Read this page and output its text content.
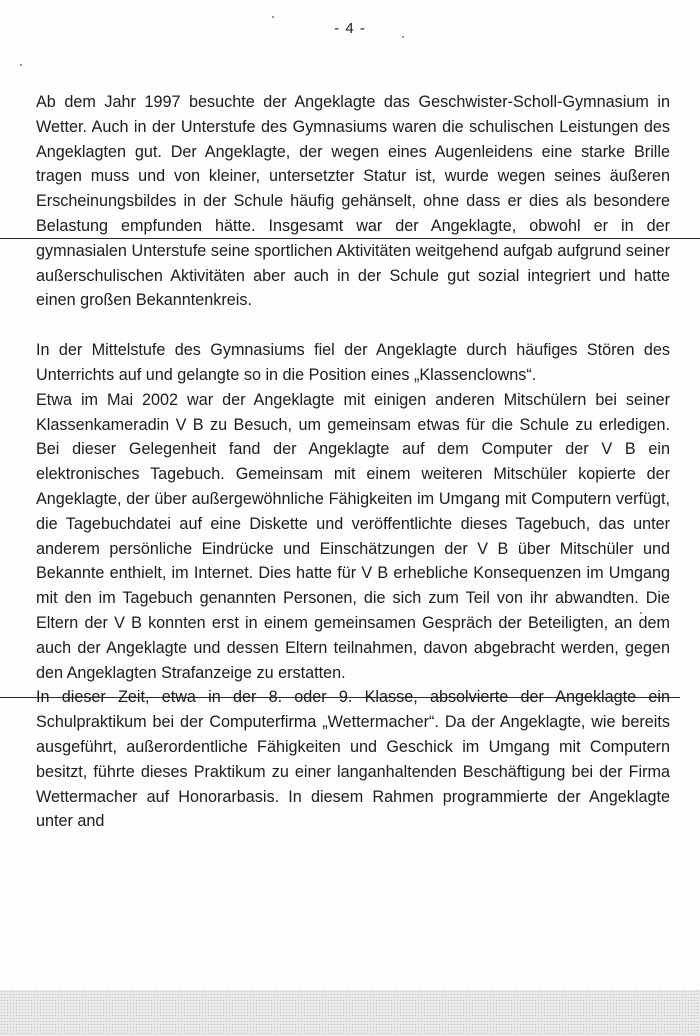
- 4 -

Ab dem Jahr 1997 besuchte der Angeklagte das Geschwister-Scholl-Gymnasium in Wetter. Auch in der Unterstufe des Gymnasiums waren die schulischen Leistungen des Angeklagten gut. Der Angeklagte, der wegen eines Augenleidens eine starke Brille tragen muss und von kleiner, untersetzter Statur ist, wurde wegen seines äußeren Erscheinungsbildes in der Schule häufig gehänselt, ohne dass er dies als besondere Belastung empfunden hätte. Insgesamt war der Angeklagte, obwohl er in der gymnasialen Unterstufe seine sportlichen Aktivitäten weitgehend aufgab aufgrund seiner außerschulischen Aktivitäten aber auch in der Schule gut sozial integriert und hatte einen großen Bekanntenkreis.

In der Mittelstufe des Gymnasiums fiel der Angeklagte durch häufiges Stören des Unterrichts auf und gelangte so in die Position eines „Klassenclowns“.

Etwa im Mai 2002 war der Angeklagte mit einigen anderen Mitschülern bei seiner Klassenkameradin V B zu Besuch, um gemeinsam etwas für die Schule zu erledigen. Bei dieser Gelegenheit fand der Angeklagte auf dem Computer der V B ein elektronisches Tagebuch. Gemeinsam mit einem weiteren Mitschüler kopierte der Angeklagte, der über außergewöhnliche Fähigkeiten im Umgang mit Computern verfügt, die Tagebuchdatei auf eine Diskette und veröffentlichte dieses Tagebuch, das unter anderem persönliche Eindrücke und Einschätzungen der V B über Mitschüler und Bekannte enthielt, im Internet. Dies hatte für V B erhebliche Konsequenzen im Umgang mit den im Tagebuch genannten Personen, die sich zum Teil von ihr abwandten. Die Eltern der V B konnten erst in einem gemeinsamen Gespräch der Beteiligten, an dem auch der Angeklagte und dessen Eltern teilnahmen, davon abgebracht werden, gegen den Angeklagten Strafanzeige zu erstatten.

In dieser Zeit, etwa in der 8. oder 9. Klasse, absolvierte der Angeklagte ein Schulpraktikum bei der Computerfirma „Wettermacher“. Da der Angeklagte, wie bereits ausgeführt, außerordentliche Fähigkeiten und Geschick im Umgang mit Computern besitzt, führte dieses Praktikum zu einer langanhaltenden Beschäftigung bei der Firma Wettermacher auf Honorarbasis. In diesem Rahmen programmierte der Angeklagte unter and
